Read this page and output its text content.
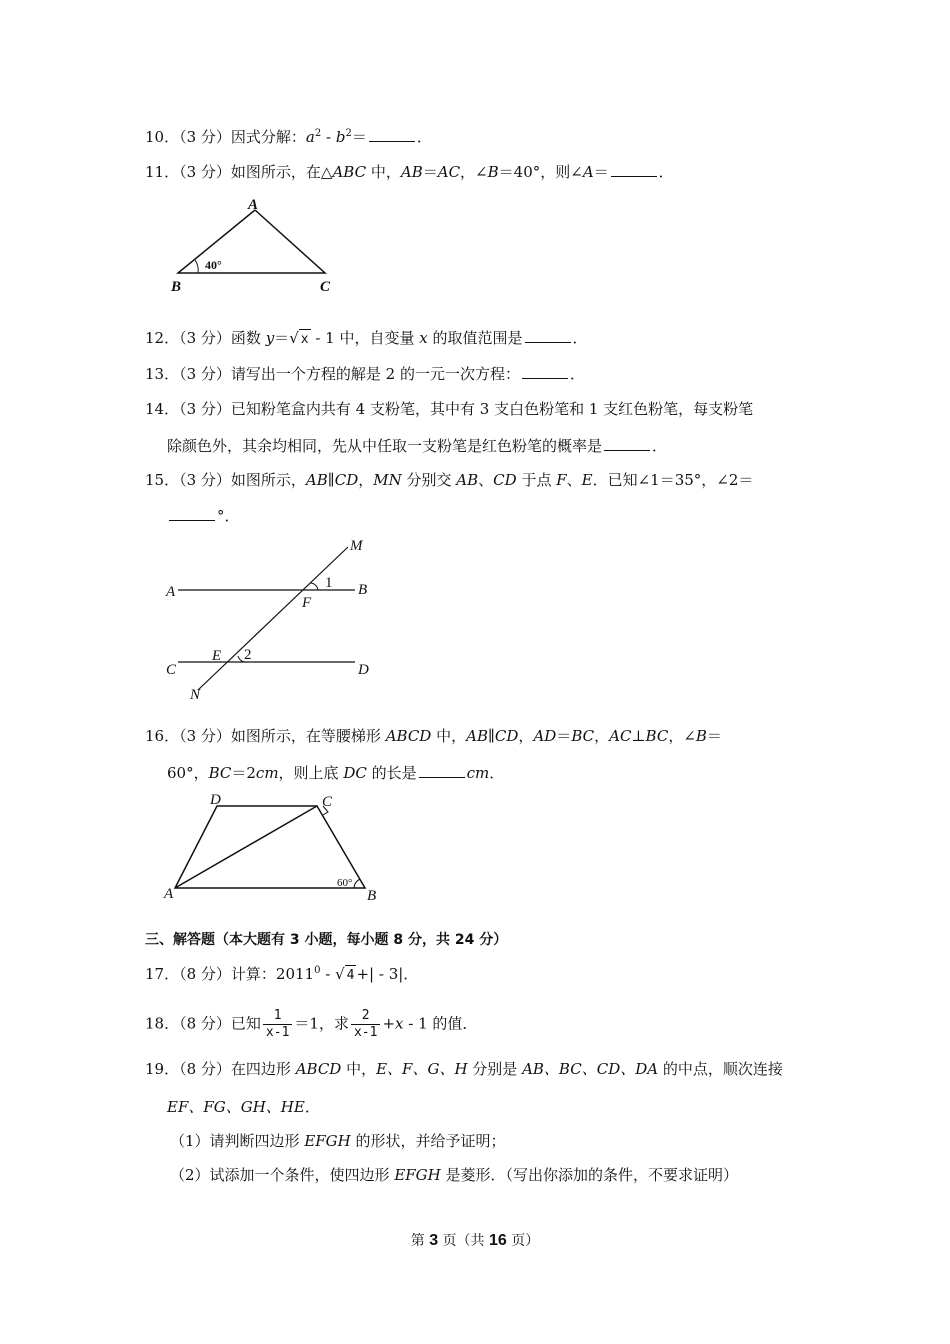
10．（3 分）因式分解：$a^2 - b^2=$	．
11．（3 分）如图所示，在△ABC 中，AB＝AC，∠B＝40°，则∠A＝	．
A
B	C
40°
12．（3 分）函数 y＝√ x - 1 中，自变量 x 的取值范围是	．
13．（3 分）请写出一个方程的解是 2 的一元一次方程：	．
14．（3 分）已知粉笔盒内共有 4 支粉笔，其中有 3 支白色粉笔和 1 支红色粉笔，每支粉笔
除颜色外，其余均相同，先从中任取一支粉笔是红色粉笔的概率是	．
15．（3 分）如图所示，AB∥CD，MN 分别交 AB、CD 于点 F、E．已知∠1＝35°，∠2＝
°．
M
A	B
F
1
E 2
C	D
N
16．（3 分）如图所示，在等腰梯形 ABCD 中，AB∥CD，AD＝BC，AC⊥BC，∠B＝
60°，BC＝2cm，则上底 DC 的长是	cm．
D	C
A	B
60°
三、解答题（本大题有 3 小题，每小题 8 分，共 24 分）
17．（8 分）计算：2011$^0$ - √ 4 +| - 3|．
18．（8 分）已知 $\frac{1}{x-1} =1$，求 $\frac{2}{x-1} +x - 1$ 的值．
19．（8 分）在四边形 ABCD 中，E、F、G、H 分别是 AB、BC、CD、DA 的中点，顺次连接
EF、FG、GH、HE．
（1）请判断四边形 EFGH 的形状，并给予证明；
（2）试添加一个条件，使四边形 EFGH 是菱形．（写出你添加的条件，不要求证明）
第 3 页（共 16 页）
